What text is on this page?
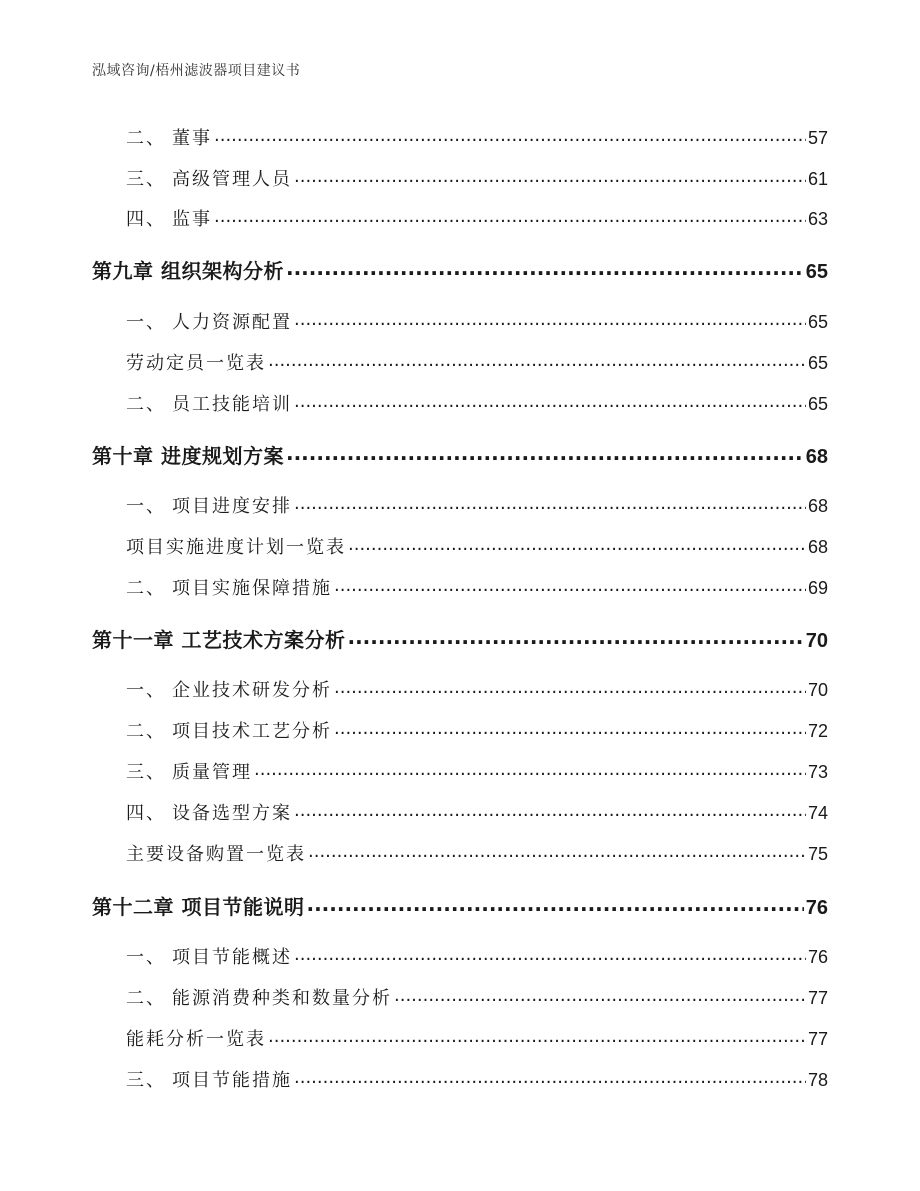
泓域咨询/梧州滤波器项目建议书
二、 董事 .....	57
三、 高级管理人员 .....	61
四、 监事 .....	63
第九章 组织架构分析 .....	65
一、 人力资源配置 .....	65
劳动定员一览表 .....	65
二、 员工技能培训 .....	65
第十章 进度规划方案 .....	68
一、 项目进度安排 .....	68
项目实施进度计划一览表 .....	68
二、 项目实施保障措施 .....	69
第十一章 工艺技术方案分析 .....	70
一、 企业技术研发分析 .....	70
二、 项目技术工艺分析 .....	72
三、 质量管理 .....	73
四、 设备选型方案 .....	74
主要设备购置一览表 .....	75
第十二章 项目节能说明 .....	76
一、 项目节能概述 .....	76
二、 能源消费种类和数量分析 .....	77
能耗分析一览表 .....	77
三、 项目节能措施 .....	78
